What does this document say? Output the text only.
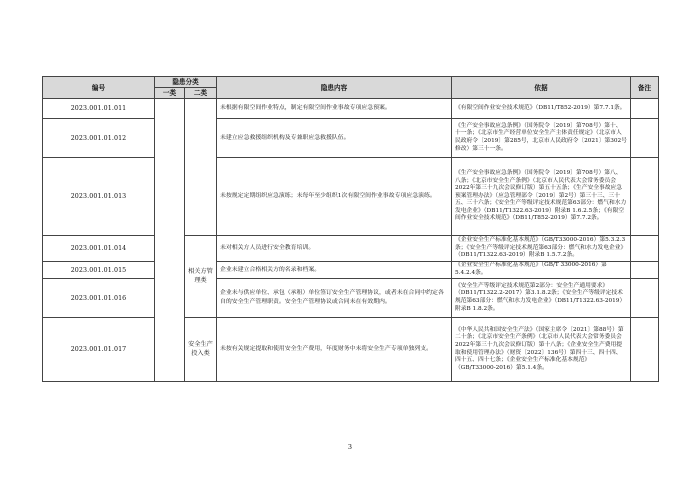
编号	隐患分类		隐患内容	依据	备注
	一类	二类			
2023.001.01.011			未根据有限空间作业特点，制定有限空间作业事故专项应急预案。	《有限空间作业安全技术规范》（DB11/T852-2019）第7.7.1条。	
2023.001.01.012			未建立应急救援组织机构及专兼职应急救援队伍。	《生产安全事故应急条例》（国务院令〔2019〕第708号）第十、十一条；《北京市生产经营单位安全生产主体责任规定》（北京市人民政府令〔2019〕第285号，北京市人民政府令〔2021〕第302号修改）第三十一条。	
2023.001.01.013			未按规定定期组织应急演练；未每年至少组织1次有限空间作业事故专项应急演练。	《生产安全事故应急条例》（国务院令〔2019〕第708号）第八、八条；《北京市安全生产条例》（北京市人民代表大会常务委员会2022年第三十九次会议修订版）第五十五条；《生产安全事故应急预案管理办法》（应急管理部令〔2019〕第2号）第三十三、三十五、三十六条；《安全生产等级评定技术规范第63部分：燃气和水力发电企业》（DB11/T1322.63-2019）附录B 1.6.2.5条；《有限空间作业安全技术规范》（DB11/T852-2019）第7.7.2条。	
2023.001.01.014		相关方管理类	未对相关方人员进行安全教育培训。	《企业安全生产标准化基本规范》（GB/T33000-2016）第5.3.2.3条；《安全生产等级评定技术规范第63部分：燃气和水力发电企业》（DB11/T1322.63-2019）附录B 1.5.7.2条。	
2023.001.01.015			企业未建立合格相关方的名录和档案。	《企业安全生产标准化基本规范》（GB/T 33000-2016）第5.4.2.4条。	
2023.001.01.016			企业未与供应单位、承包（承租）单位签订安全生产管理协议，或者未在合同中约定各自的安全生产管理职责。安全生产管理协议或合同未在有效期内。	《安全生产等级评定技术规范第2部分：安全生产通用要求》（DB11/T1322.2-2017）第3.1.8.2条；《安全生产等级评定技术规范第63部分：燃气和水力发电企业》（DB11/T1322.63-2019）附录B 1.8.2条。	
2023.001.01.017		安全生产投入类	未按有关规定提取和使用安全生产费用，年度财务中未将安全生产专项单独列支。	《中华人民共和国安全生产法》（国家主席令〔2021〕第88号）第二十条；《北京市安全生产条例》（北京市人民代表大会常务委员会2022年第三十九次会议修订版）第十八条；《企业安全生产费用提取和使用管理办法》（财资〔2022〕136号）第四十三、四十四、四十五、四十七条；《企业安全生产标准化基本规范》（GB/T33000-2016）第5.1.4条。	
3
